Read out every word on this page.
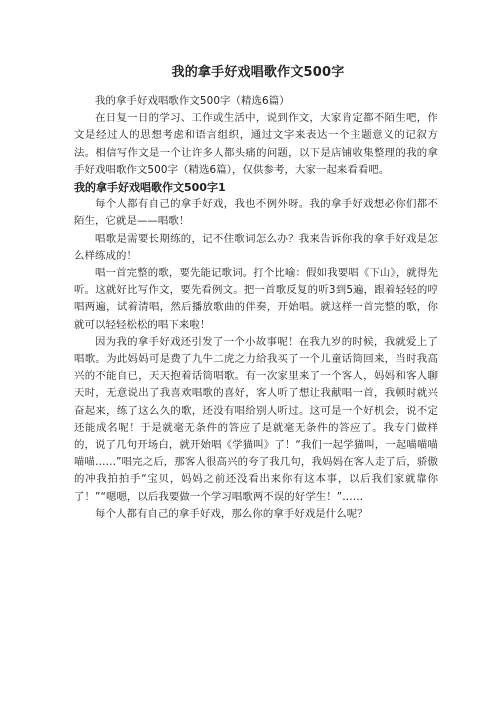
我的拿手好戏唱歌作文500字
我的拿手好戏唱歌作文500字（精选6篇）
在日复一日的学习、工作或生活中，说到作文，大家肯定都不陌生吧，作文是经过人的思想考虑和语言组织，通过文字来表达一个主题意义的记叙方法。相信写作文是一个让许多人都头痛的问题，以下是店铺收集整理的我的拿手好戏唱歌作文500字（精选6篇），仅供参考，大家一起来看看吧。
我的拿手好戏唱歌作文500字1
每个人都有自己的拿手好戏，我也不例外呀。我的拿手好戏想必你们都不陌生，它就是——唱歌！
唱歌是需要长期练的，记不住歌词怎么办？我来告诉你我的拿手好戏是怎么样练成的！
唱一首完整的歌，要先能记歌词。打个比喻：假如我要唱《下山》，就得先听。这就好比写作文，要先看例文。把一首歌反复的听3到5遍，跟着轻轻的哼唱两遍，试着清唱，然后播放歌曲的伴奏，开始唱。就这样一首完整的歌，你就可以轻轻松松的唱下来啦！
因为我的拿手好戏还引发了一个小故事呢！在我九岁的时候，我就爱上了唱歌。为此妈妈可是费了九牛二虎之力给我买了一个儿童话筒回来，当时我高兴的不能自已，天天抱着话筒唱歌。有一次家里来了一个客人，妈妈和客人聊天时，无意说出了我喜欢唱歌的喜好，客人听了想让我献唱一首，我顿时就兴奋起来，练了这么久的歌，还没有唱给别人听过。这可是一个好机会，说不定还能成名呢！于是就毫无条件的答应了是就毫无条件的答应了。我专门做样的，说了几句开场白，就开始唱《学猫叫》了！“我们一起学猫叫，一起喵喵喵喵喵……”唱完之后，那客人很高兴的夸了我几句，我妈妈在客人走了后，骄傲的冲我拍拍手“宝贝，妈妈之前还没看出来你有这本事，以后我们家就靠你了！”“嗯嗯，以后我要做一个学习唱歌两不误的好学生！”……
每个人都有自己的拿手好戏，那么你的拿手好戏是什么呢？
